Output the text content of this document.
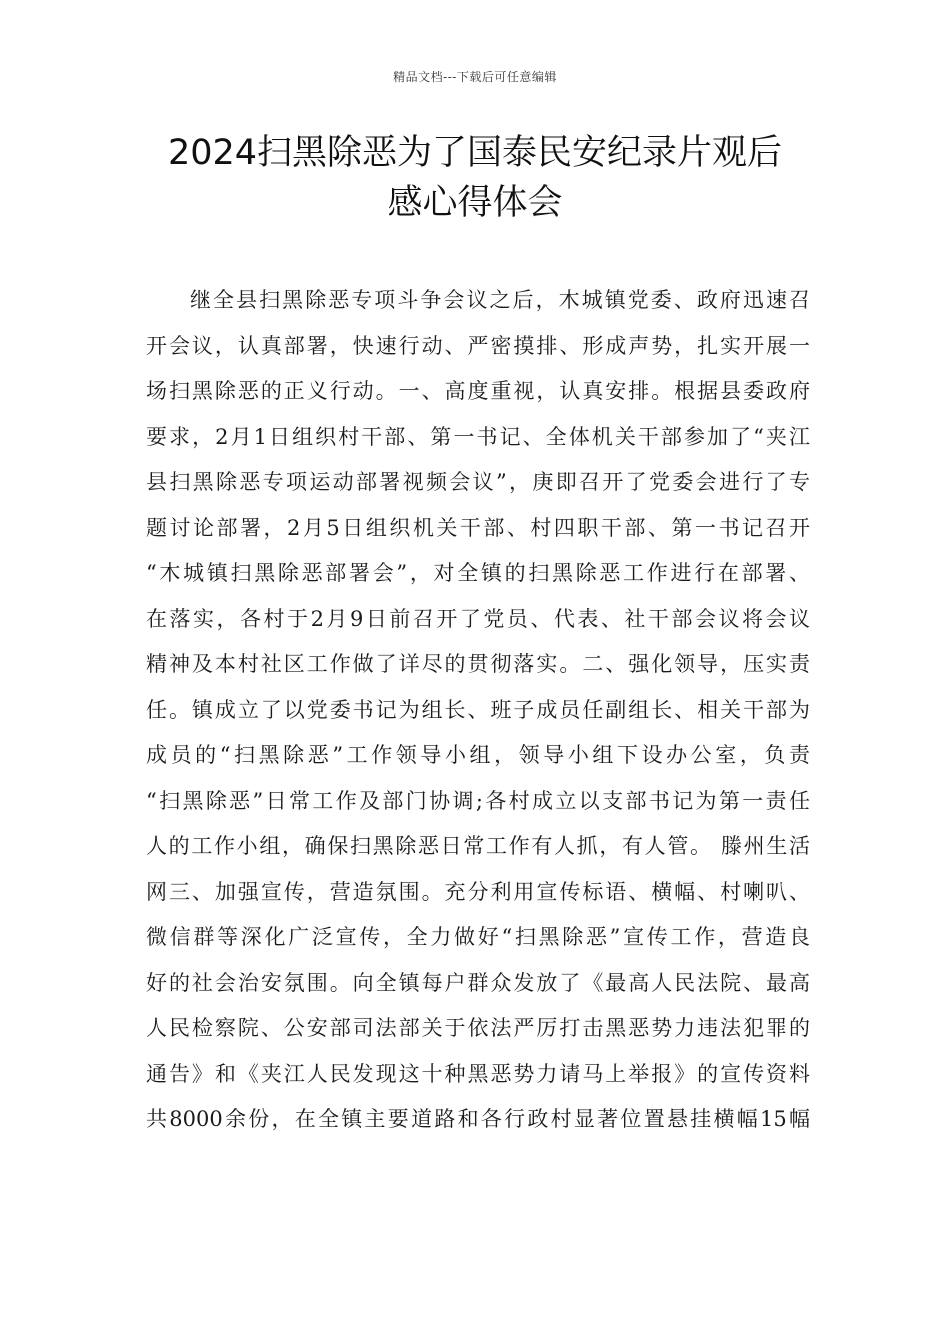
精品文档---下载后可任意编辑
2024扫黑除恶为了国泰民安纪录片观后
感心得体会
继全县扫黑除恶专项斗争会议之后，木城镇党委、政府迅速召
开会议，认真部署，快速行动、严密摸排、形成声势，扎实开展一
场扫黑除恶的正义行动。一、高度重视，认真安排。根据县委政府
要求，2月1日组织村干部、第一书记、全体机关干部参加了“夹江
县扫黑除恶专项运动部署视频会议”，庚即召开了党委会进行了专
题讨论部署，2月5日组织机关干部、村四职干部、第一书记召开
“木城镇扫黑除恶部署会”，对全镇的扫黑除恶工作进行在部署、
在落实，各村于2月9日前召开了党员、代表、社干部会议将会议
精神及本村社区工作做了详尽的贯彻落实。二、强化领导，压实责
任。镇成立了以党委书记为组长、班子成员任副组长、相关干部为
成员的“扫黑除恶”工作领导小组，领导小组下设办公室，负责
“扫黑除恶”日常工作及部门协调;各村成立以支部书记为第一责任
人的工作小组，确保扫黑除恶日常工作有人抓，有人管。 滕州生活
网三、加强宣传，营造氛围。充分利用宣传标语、横幅、村喇叭、
微信群等深化广泛宣传，全力做好“扫黑除恶”宣传工作，营造良
好的社会治安氛围。向全镇每户群众发放了《最高人民法院、最高
人民检察院、公安部司法部关于依法严厉打击黑恶势力违法犯罪的
通告》和《夹江人民发现这十种黑恶势力请马上举报》的宣传资料
共8000余份，在全镇主要道路和各行政村显著位置悬挂横幅15幅
